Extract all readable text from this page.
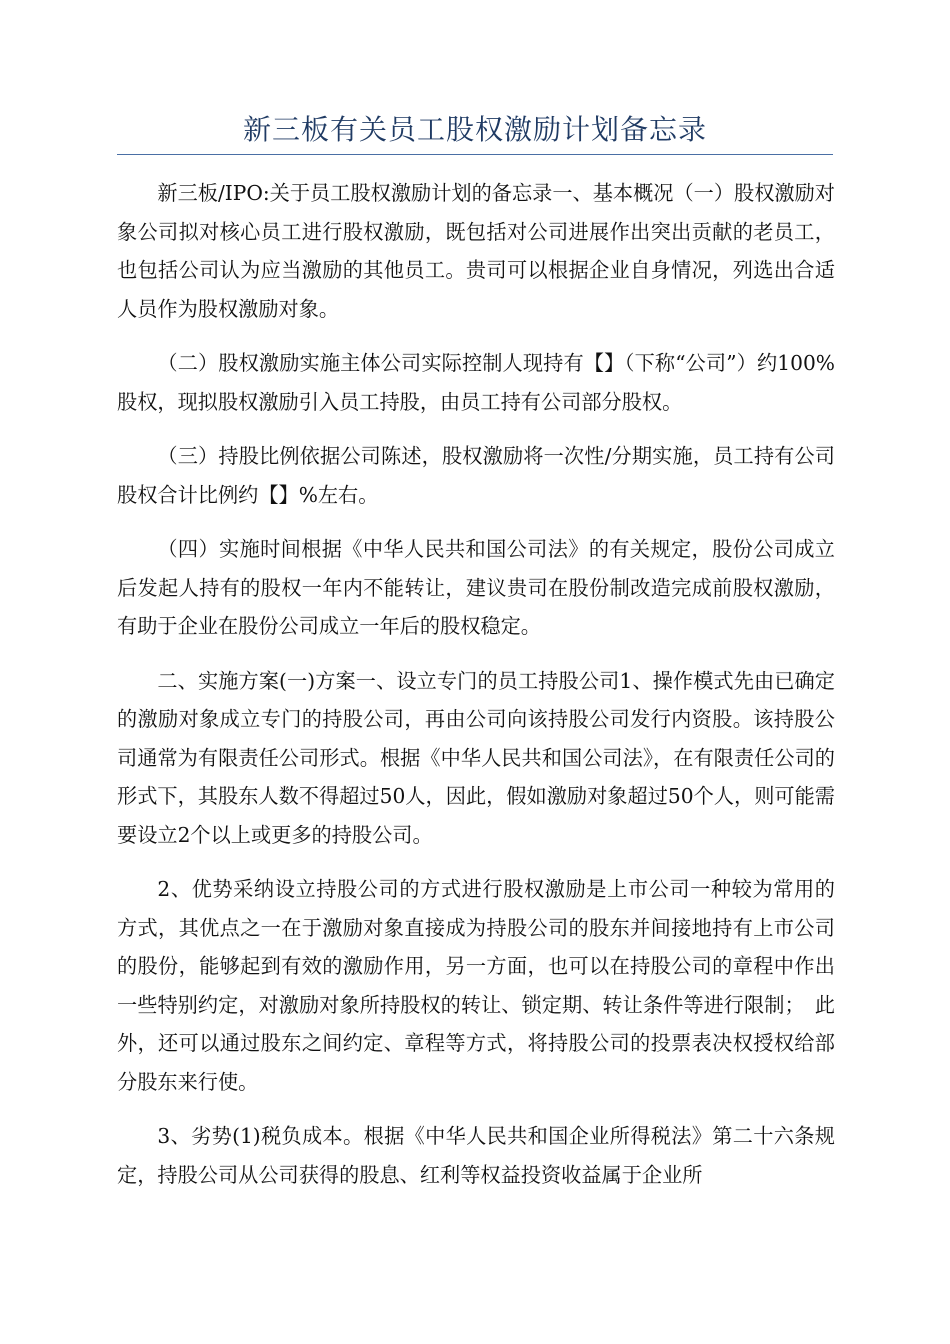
新三板有关员工股权激励计划备忘录

新三板/IPO:关于员工股权激励计划的备忘录一、基本概况（一）股权激励对象公司拟对核心员工进行股权激励，既包括对公司进展作出突出贡献的老员工，也包括公司认为应当激励的其他员工。贵司可以根据企业自身情况，列选出合适人员作为股权激励对象。

（二）股权激励实施主体公司实际控制人现持有【】（下称“公司”）约100%股权，现拟股权激励引入员工持股，由员工持有公司部分股权。

（三）持股比例依据公司陈述，股权激励将一次性/分期实施，员工持有公司股权合计比例约【】%左右。

（四）实施时间根据《中华人民共和国公司法》的有关规定，股份公司成立后发起人持有的股权一年内不能转让，建议贵司在股份制改造完成前股权激励，有助于企业在股份公司成立一年后的股权稳定。

二、实施方案(一)方案一、设立专门的员工持股公司1、操作模式先由已确定的激励对象成立专门的持股公司，再由公司向该持股公司发行内资股。该持股公司通常为有限责任公司形式。根据《中华人民共和国公司法》，在有限责任公司的形式下，其股东人数不得超过50人，因此，假如激励对象超过50个人，则可能需要设立2个以上或更多的持股公司。

2、优势采纳设立持股公司的方式进行股权激励是上市公司一种较为常用的方式，其优点之一在于激励对象直接成为持股公司的股东并间接地持有上市公司的股份，能够起到有效的激励作用，另一方面，也可以在持股公司的章程中作出一些特别约定，对激励对象所持股权的转让、锁定期、转让条件等进行限制；　此外，还可以通过股东之间约定、章程等方式，将持股公司的投票表决权授权给部分股东来行使。

3、劣势(1)税负成本。根据《中华人民共和国企业所得税法》第二十六条规定，持股公司从公司获得的股息、红利等权益投资收益属于企业所
